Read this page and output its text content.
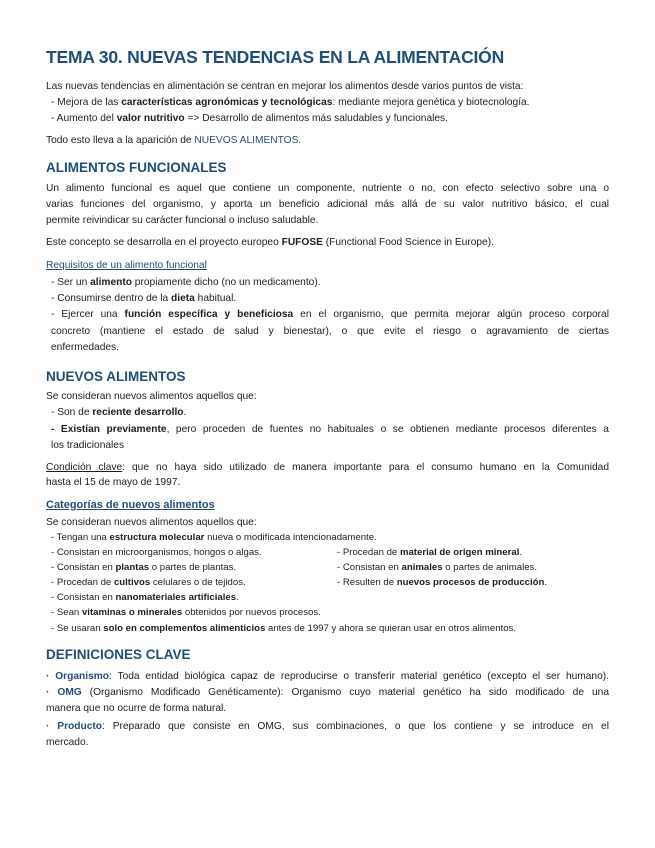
TEMA 30. NUEVAS TENDENCIAS EN LA ALIMENTACIÓN
Las nuevas tendencias en alimentación se centran en mejorar los alimentos desde varios puntos de vista:
- Mejora de las características agronómicas y tecnológicas: mediante mejora genética y biotecnología.
- Aumento del valor nutritivo => Desarrollo de alimentos más saludables y funcionales.
Todo esto lleva a la aparición de NUEVOS ALIMENTOS.
ALIMENTOS FUNCIONALES
Un alimento funcional es aquel que contiene un componente, nutriente o no, con efecto selectivo sobre una o
varias funciones del organismo, y aporta un beneficio adicional más allá de su valor nutritivo básico, el cual
permite reivindicar su carácter funcional o incluso saludable.
Este concepto se desarrolla en el proyecto europeo FUFOSE (Functional Food Science in Europe).
Requisitos de un alimento funcional
- Ser un alimento propiamente dicho (no un medicamento).
- Consumirse dentro de la dieta habitual.
- Ejercer una función específica y beneficiosa en el organismo, que permita mejorar algún proceso corporal
concreto (mantiene el estado de salud y bienestar), o que evite el riesgo o agravamiento de ciertas
enfermedades.
NUEVOS ALIMENTOS
Se consideran nuevos alimentos aquellos que:
- Son de reciente desarrollo.
- Existían previamente, pero proceden de fuentes no habituales o se obtienen mediante procesos diferentes a
los tradicionales
Condición clave: que no haya sido utilizado de manera importante para el consumo humano en la Comunidad
hasta el 15 de mayo de 1997.
Categorías de nuevos alimentos
Se consideran nuevos alimentos aquellos que:
- Tengan una estructura molecular nueva o modificada intencionadamente.
- Consistan en microorganismos, hongos o algas.	- Procedan de material de origen mineral.
- Consistan en plantas o partes de plantas.	- Consistan en animales o partes de animales.
- Procedan de cultivos celulares o de tejidos.	- Resulten de nuevos procesos de producción.
- Consistan en nanomateriales artificiales.
- Sean vitaminas o minerales obtenidos por nuevos procesos.
- Se usaran solo en complementos alimenticios antes de 1997 y ahora se quieran usar en otros alimentos.
DEFINICIONES CLAVE
· Organismo: Toda entidad biológica capaz de reproducirse o transferir material genético (excepto el ser humano).
· OMG (Organismo Modificado Genéticamente): Organismo cuyo material genético ha sido modificado de una
manera que no ocurre de forma natural.
· Producto: Preparado que consiste en OMG, sus combinaciones, o que los contiene y se introduce en el
mercado.
